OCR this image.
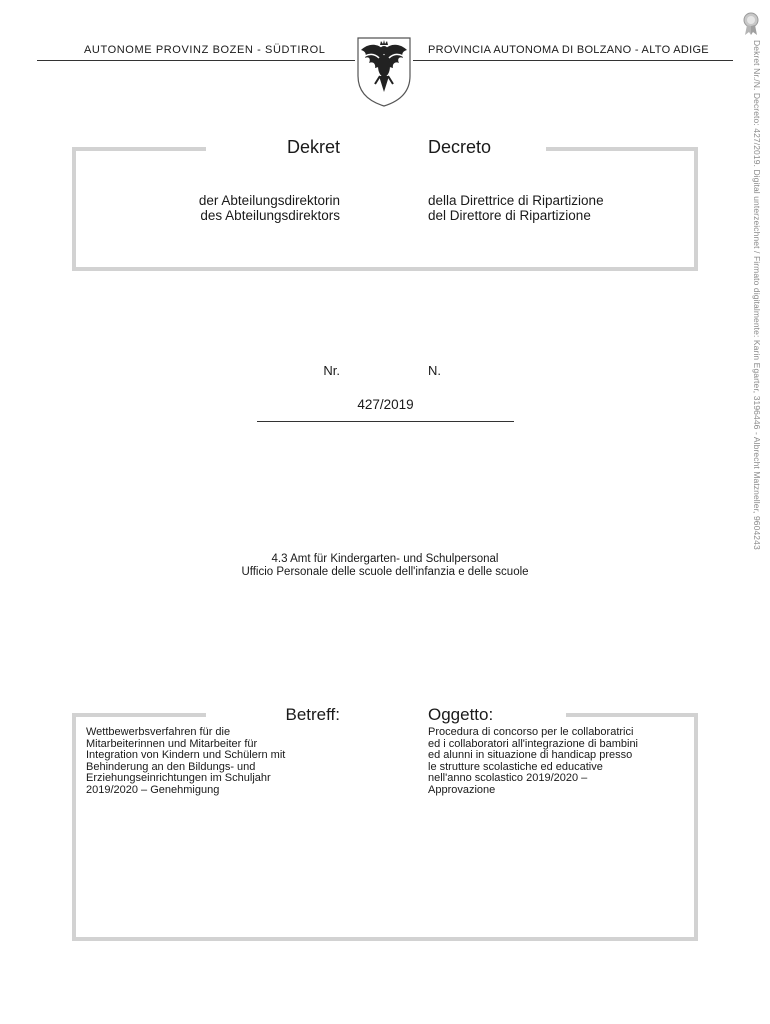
AUTONOME PROVINZ BOZEN - SÜDTIROL	PROVINCIA AUTONOMA DI BOLZANO - ALTO ADIGE
Dekret	Decreto
der Abteilungsdirektorin
des Abteilungsdirektors
della Direttrice di Ripartizione
del Direttore di Ripartizione
Nr.	N.
427/2019
4.3 Amt für Kindergarten- und Schulpersonal
Ufficio Personale delle scuole dell'infanzia e delle scuole
Betreff:	Oggetto:
Wettbewerbsverfahren für die
Mitarbeiterinnen und Mitarbeiter für
Integration von Kindern und Schülern mit
Behinderung an den Bildungs- und
Erziehungseinrichtungen im Schuljahr
2019/2020 – Genehmigung
Procedura di concorso per le collaboratrici
ed i collaboratori all'integrazione di bambini
ed alunni in situazione di handicap presso
le strutture scolastiche ed educative
nell'anno scolastico 2019/2020 –
Approvazione
Dekret Nr./N. Decreto: 427/2019. Digital unterzeichnet / Firmato digitalmente: Karin Egarter, 3196446 - Albrecht Matzneller, 9604243
